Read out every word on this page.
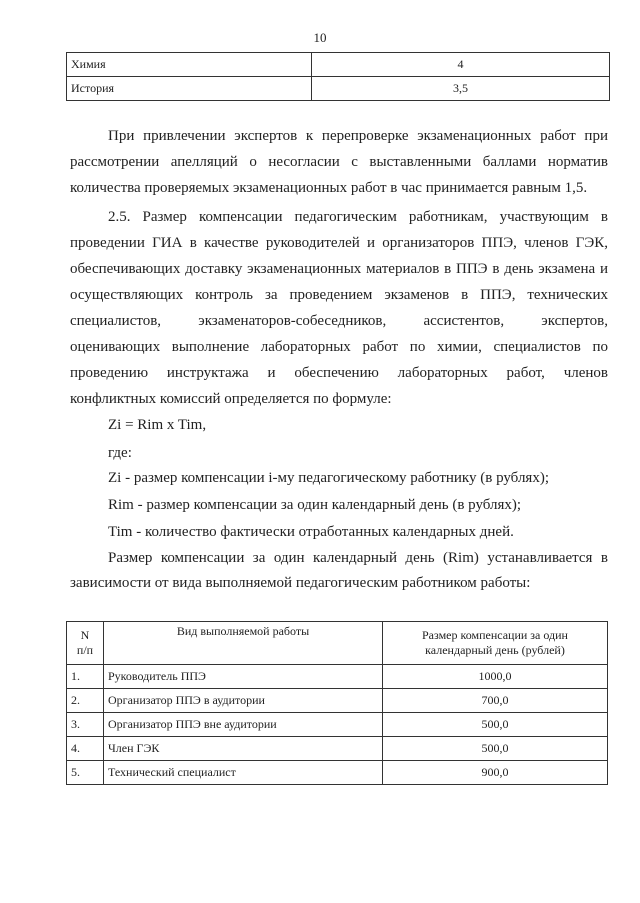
10
Химия	4
История	3,5
При привлечении экспертов к перепроверке экзаменационных работ при
рассмотрении апелляций о несогласии с выставленными баллами норматив
количества проверяемых экзаменационных работ в час принимается равным 1,5.
2.5. Размер компенсации педагогическим работникам, участвующим в
проведении ГИА в качестве руководителей и организаторов ППЭ, членов ГЭК,
обеспечивающих доставку экзаменационных материалов в ППЭ в день экзамена и
осуществляющих контроль за проведением экзаменов в ППЭ, технических
специалистов, экзаменаторов-собеседников, ассистентов, экспертов,
оценивающих выполнение лабораторных работ по химии, специалистов по
проведению инструктажа и обеспечению лабораторных работ, членов
конфликтных комиссий определяется по формуле:
Zi = Rim x Tim,
где:
Zi - размер компенсации i-му педагогическому работнику (в рублях);
Rim - размер компенсации за один календарный день (в рублях);
Tim - количество фактически отработанных календарных дней.
Размер компенсации за один календарный день (Rim) устанавливается в
зависимости от вида выполняемой педагогическим работником работы:
N
п/п	Вид выполняемой работы	Размер компенсации за один
календарный день (рублей)
1.	Руководитель ППЭ	1000,0
2.	Организатор ППЭ в аудитории	700,0
3.	Организатор ППЭ вне аудитории	500,0
4.	Член ГЭК	500,0
5.	Технический специалист	900,0
